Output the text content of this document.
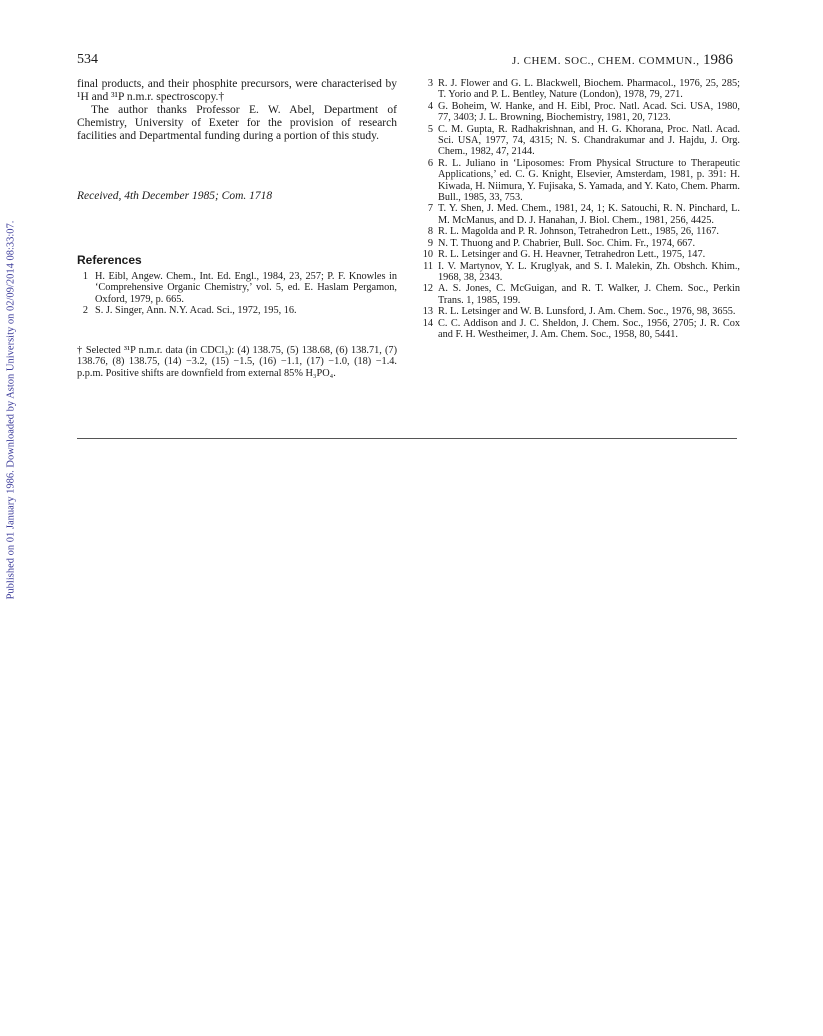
Published on 01 January 1986. Downloaded by Aston University on 02/09/2014 08:33:07.
534	J. CHEM. SOC., CHEM. COMMUN., 1986

final products, and their phosphite precursors, were characterised by ¹H and ³¹P n.m.r. spectroscopy.†

The author thanks Professor E. W. Abel, Department of Chemistry, University of Exeter for the provision of research facilities and Departmental funding during a portion of this study.

Received, 4th December 1985; Com. 1718
References

1 H. Eibl, Angew. Chem., Int. Ed. Engl., 1984, 23, 257; P. F. Knowles in ‘Comprehensive Organic Chemistry,’ vol. 5, ed. E. Haslam Pergamon, Oxford, 1979, p. 665.

2 S. J. Singer, Ann. N.Y. Acad. Sci., 1972, 195, 16.

† Selected ³¹P n.m.r. data (in CDCl₃): (4) 138.75, (5) 138.68, (6) 138.71, (7) 138.76, (8) 138.75, (14) −3.2, (15) −1.5, (16) −1.1, (17) −1.0, (18) −1.4. p.p.m. Positive shifts are downfield from external 85% H₃PO₄.

3 R. J. Flower and G. L. Blackwell, Biochem. Pharmacol., 1976, 25, 285; T. Yorio and P. L. Bentley, Nature (London), 1978, 79, 271.

4 G. Boheim, W. Hanke, and H. Eibl, Proc. Natl. Acad. Sci. USA, 1980, 77, 3403; J. L. Browning, Biochemistry, 1981, 20, 7123.

5 C. M. Gupta, R. Radhakrishnan, and H. G. Khorana, Proc. Natl. Acad. Sci. USA, 1977, 74, 4315; N. S. Chandrakumar and J. Hajdu, J. Org. Chem., 1982, 47, 2144.

6 R. L. Juliano in ‘Liposomes: From Physical Structure to Therapeutic Applications,’ ed. C. G. Knight, Elsevier, Amsterdam, 1981, p. 391: H. Kiwada, H. Niimura, Y. Fujisaka, S. Yamada, and Y. Kato, Chem. Pharm. Bull., 1985, 33, 753.

7 T. Y. Shen, J. Med. Chem., 1981, 24, 1; K. Satouchi, R. N. Pinchard, L. M. McManus, and D. J. Hanahan, J. Biol. Chem., 1981, 256, 4425.

8 R. L. Magolda and P. R. Johnson, Tetrahedron Lett., 1985, 26, 1167.

9 N. T. Thuong and P. Chabrier, Bull. Soc. Chim. Fr., 1974, 667.

10 R. L. Letsinger and G. H. Heavner, Tetrahedron Lett., 1975, 147.

11 I. V. Martynov, Y. L. Kruglyak, and S. I. Malekin, Zh. Obshch. Khim., 1968, 38, 2343.

12 A. S. Jones, C. McGuigan, and R. T. Walker, J. Chem. Soc., Perkin Trans. 1, 1985, 199.

13 R. L. Letsinger and W. B. Lunsford, J. Am. Chem. Soc., 1976, 98, 3655.

14 C. C. Addison and J. C. Sheldon, J. Chem. Soc., 1956, 2705; J. R. Cox and F. H. Westheimer, J. Am. Chem. Soc., 1958, 80, 5441.
